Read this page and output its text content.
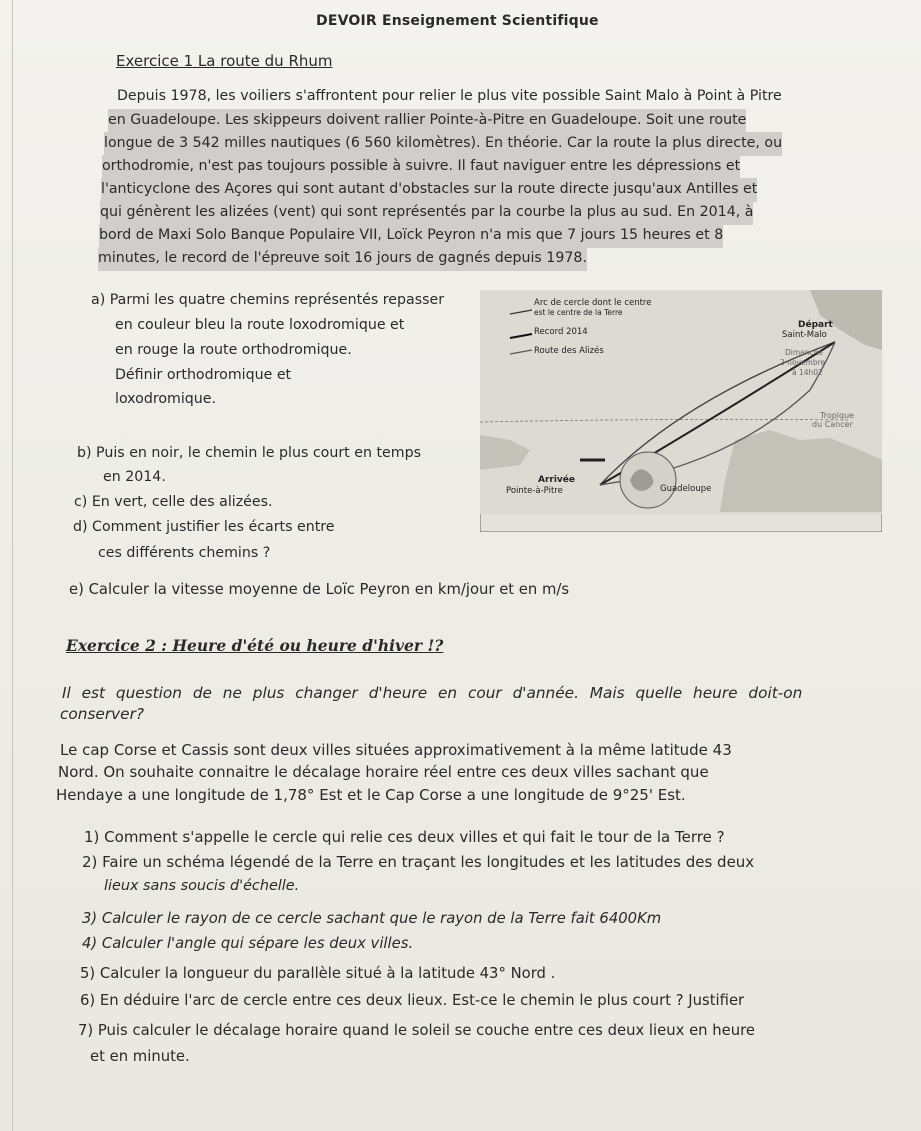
DEVOIR Enseignement Scientifique
Exercice 1 La route du Rhum
Depuis 1978, les voiliers s'affrontent pour relier le plus vite possible Saint Malo à Point à Pitre
en Guadeloupe. Les skippeurs doivent rallier Pointe-à-Pitre en Guadeloupe. Soit une route
longue de 3 542 milles nautiques (6 560 kilomètres). En théorie. Car la route la plus directe, ou
orthodromie, n'est pas toujours possible à suivre. Il faut naviguer entre les dépressions et
l'anticyclone des Açores qui sont autant d'obstacles sur la route directe jusqu'aux Antilles et
qui génèrent les alizées (vent) qui sont représentés par la courbe la plus au sud. En 2014, à
bord de Maxi Solo Banque Populaire VII, Loïck Peyron n'a mis que 7 jours 15 heures et 8
minutes, le record de l'épreuve soit 16 jours de gagnés depuis 1978.
a) Parmi les quatre chemins représentés repasser
en couleur bleu la route loxodromique et
en rouge la route orthodromique.
Définir orthodromique et
loxodromique.
b) Puis en noir, le chemin le plus court en temps
en 2014.
c) En vert, celle des alizées.
d) Comment justifier les écarts entre
ces différents chemins ?
e) Calculer la vitesse moyenne de Loïc Peyron en km/jour et en m/s
Arc de cercle dont le centre
est le centre de la Terre
Record 2014
Route des Alizés
Départ
Saint-Malo
Dimanche
2 novembre
à 14h02
Tropique
du Cancer
Arrivée
Pointe-à-Pitre	Guadeloupe
Exercice 2 : Heure d'été ou heure d'hiver !?
Il est question de ne plus changer d'heure en cour d'année. Mais quelle heure doit-on
conserver?
Le cap Corse et Cassis sont deux villes situées approximativement à la même latitude 43
Nord. On souhaite connaitre le décalage horaire réel entre ces deux villes sachant que
Hendaye a une longitude de 1,78° Est et le Cap Corse a une longitude de 9°25' Est.
1) Comment s'appelle le cercle qui relie ces deux villes et qui fait le tour de la Terre ?
2) Faire un schéma légendé de la Terre en traçant les longitudes et les latitudes des deux
lieux sans soucis d'échelle.
3) Calculer le rayon de ce cercle sachant que le rayon de la Terre fait 6400Km
4) Calculer l'angle qui sépare les deux villes.
5) Calculer la longueur du parallèle situé à la latitude 43° Nord .
6) En déduire l'arc de cercle entre ces deux lieux. Est-ce le chemin le plus court ? Justifier
7) Puis calculer le décalage horaire quand le soleil se couche entre ces deux lieux en heure
et en minute.
